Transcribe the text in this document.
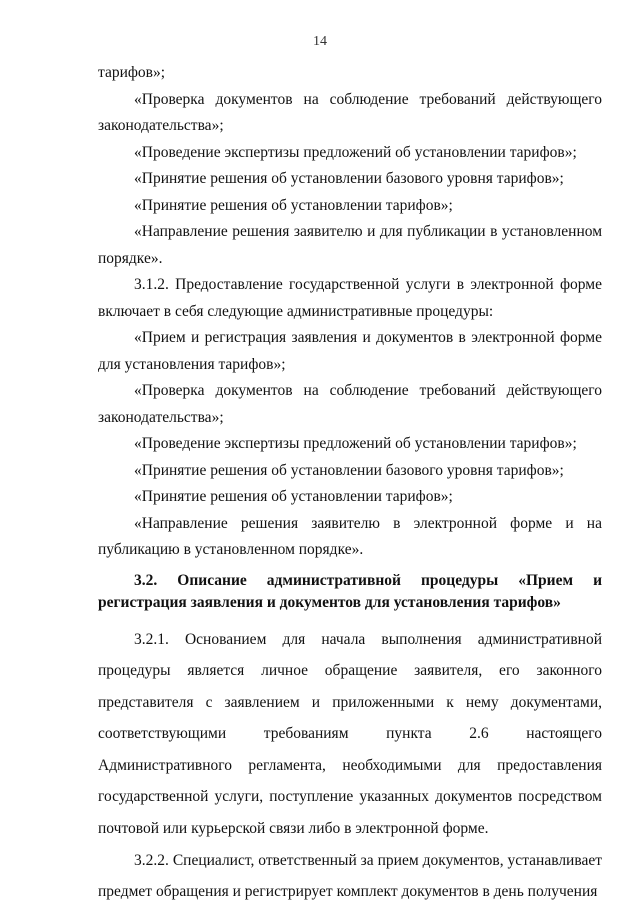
14

тарифов»;

«Проверка документов на соблюдение требований действующего законодательства»;

«Проведение экспертизы предложений об установлении тарифов»;

«Принятие решения об установлении базового уровня тарифов»;

«Принятие решения об установлении тарифов»;

«Направление решения заявителю и для публикации в установленном порядке».

3.1.2. Предоставление государственной услуги в электронной форме включает в себя следующие административные процедуры:

«Прием и регистрация заявления и документов в электронной форме для установления тарифов»;

«Проверка документов на соблюдение требований действующего законодательства»;

«Проведение экспертизы предложений об установлении тарифов»;

«Принятие решения об установлении базового уровня тарифов»;

«Принятие решения об установлении тарифов»;

«Направление решения заявителю в электронной форме и на публикацию в установленном порядке».

3.2. Описание административной процедуры «Прием и регистрация заявления и документов для установления тарифов»

3.2.1. Основанием для начала выполнения административной процедуры является личное обращение заявителя, его законного представителя с заявлением и приложенными к нему документами, соответствующими требованиям пункта 2.6 настоящего Административного регламента, необходимыми для предоставления государственной услуги, поступление указанных документов посредством почтовой или курьерской связи либо в электронной форме.

3.2.2. Специалист, ответственный за прием документов, устанавливает предмет обращения и регистрирует комплект документов в день получения
